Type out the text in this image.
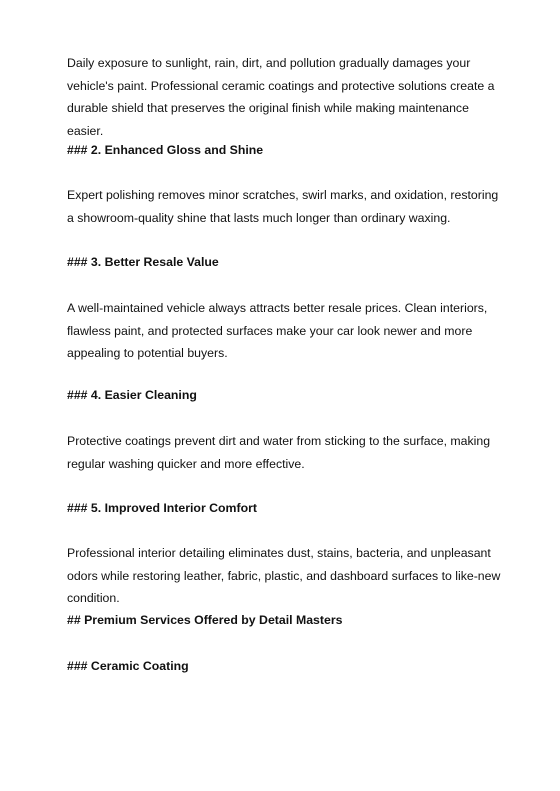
Daily exposure to sunlight, rain, dirt, and pollution gradually damages your vehicle's paint. Professional ceramic coatings and protective solutions create a durable shield that preserves the original finish while making maintenance easier.

### 2. Enhanced Gloss and Shine

Expert polishing removes minor scratches, swirl marks, and oxidation, restoring a showroom-quality shine that lasts much longer than ordinary waxing.

### 3. Better Resale Value

A well-maintained vehicle always attracts better resale prices. Clean interiors, flawless paint, and protected surfaces make your car look newer and more appealing to potential buyers.

### 4. Easier Cleaning

Protective coatings prevent dirt and water from sticking to the surface, making regular washing quicker and more effective.

### 5. Improved Interior Comfort

Professional interior detailing eliminates dust, stains, bacteria, and unpleasant odors while restoring leather, fabric, plastic, and dashboard surfaces to like-new condition.

## Premium Services Offered by Detail Masters
### Ceramic Coating
